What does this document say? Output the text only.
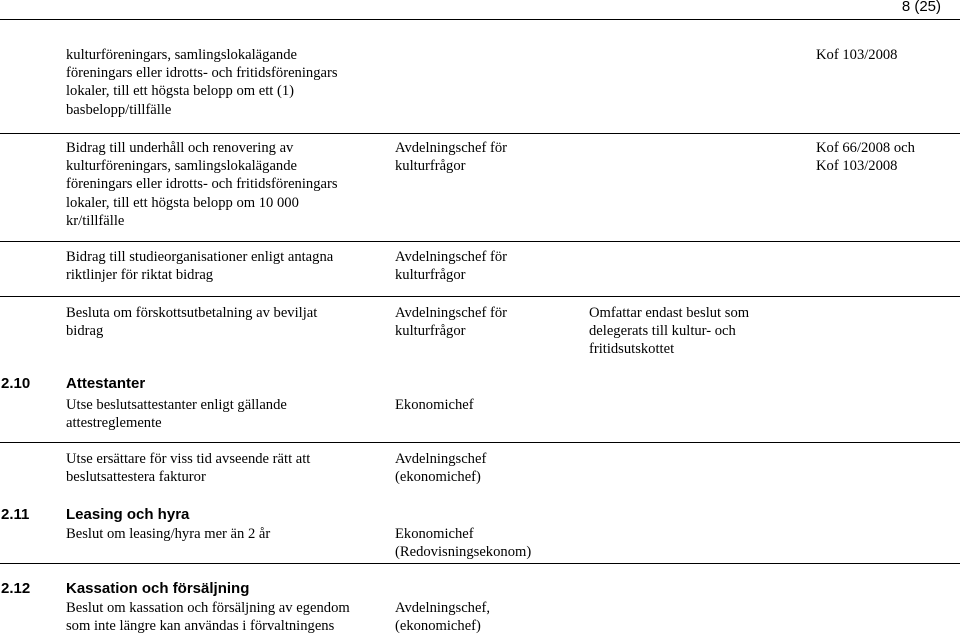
8 (25)
kulturföreningars, samlingslokalägande
föreningars eller idrotts- och fritidsföreningars
lokaler, till ett högsta belopp om ett (1)
basbelopp/tillfälle
Kof 103/2008
Bidrag till underhåll och renovering av
kulturföreningars, samlingslokalägande
föreningars eller idrotts- och fritidsföreningars
lokaler, till ett högsta belopp om 10 000
kr/tillfälle
Avdelningschef för
kulturfrågor
Kof 66/2008 och
Kof 103/2008
Bidrag till studieorganisationer enligt antagna
riktlinjer för riktat bidrag
Avdelningschef för
kulturfrågor
Besluta om förskottsutbetalning av beviljat
bidrag
Avdelningschef för
kulturfrågor
Omfattar endast beslut som
delegerats till kultur- och
fritidsutskottet
2.10 Attestanter
Utse beslutsattestanter enligt gällande
attestreglemente
Ekonomichef
Utse ersättare för viss tid avseende rätt att
beslutsattestera fakturor
Avdelningschef
(ekonomichef)
2.11 Leasing och hyra
Beslut om leasing/hyra mer än 2 år	Ekonomichef
(Redovisningsekonom)
2.12 Kassation och försäljning
Beslut om kassation och försäljning av egendom
som inte längre kan användas i förvaltningens
Avdelningschef,
(ekonomichef)
